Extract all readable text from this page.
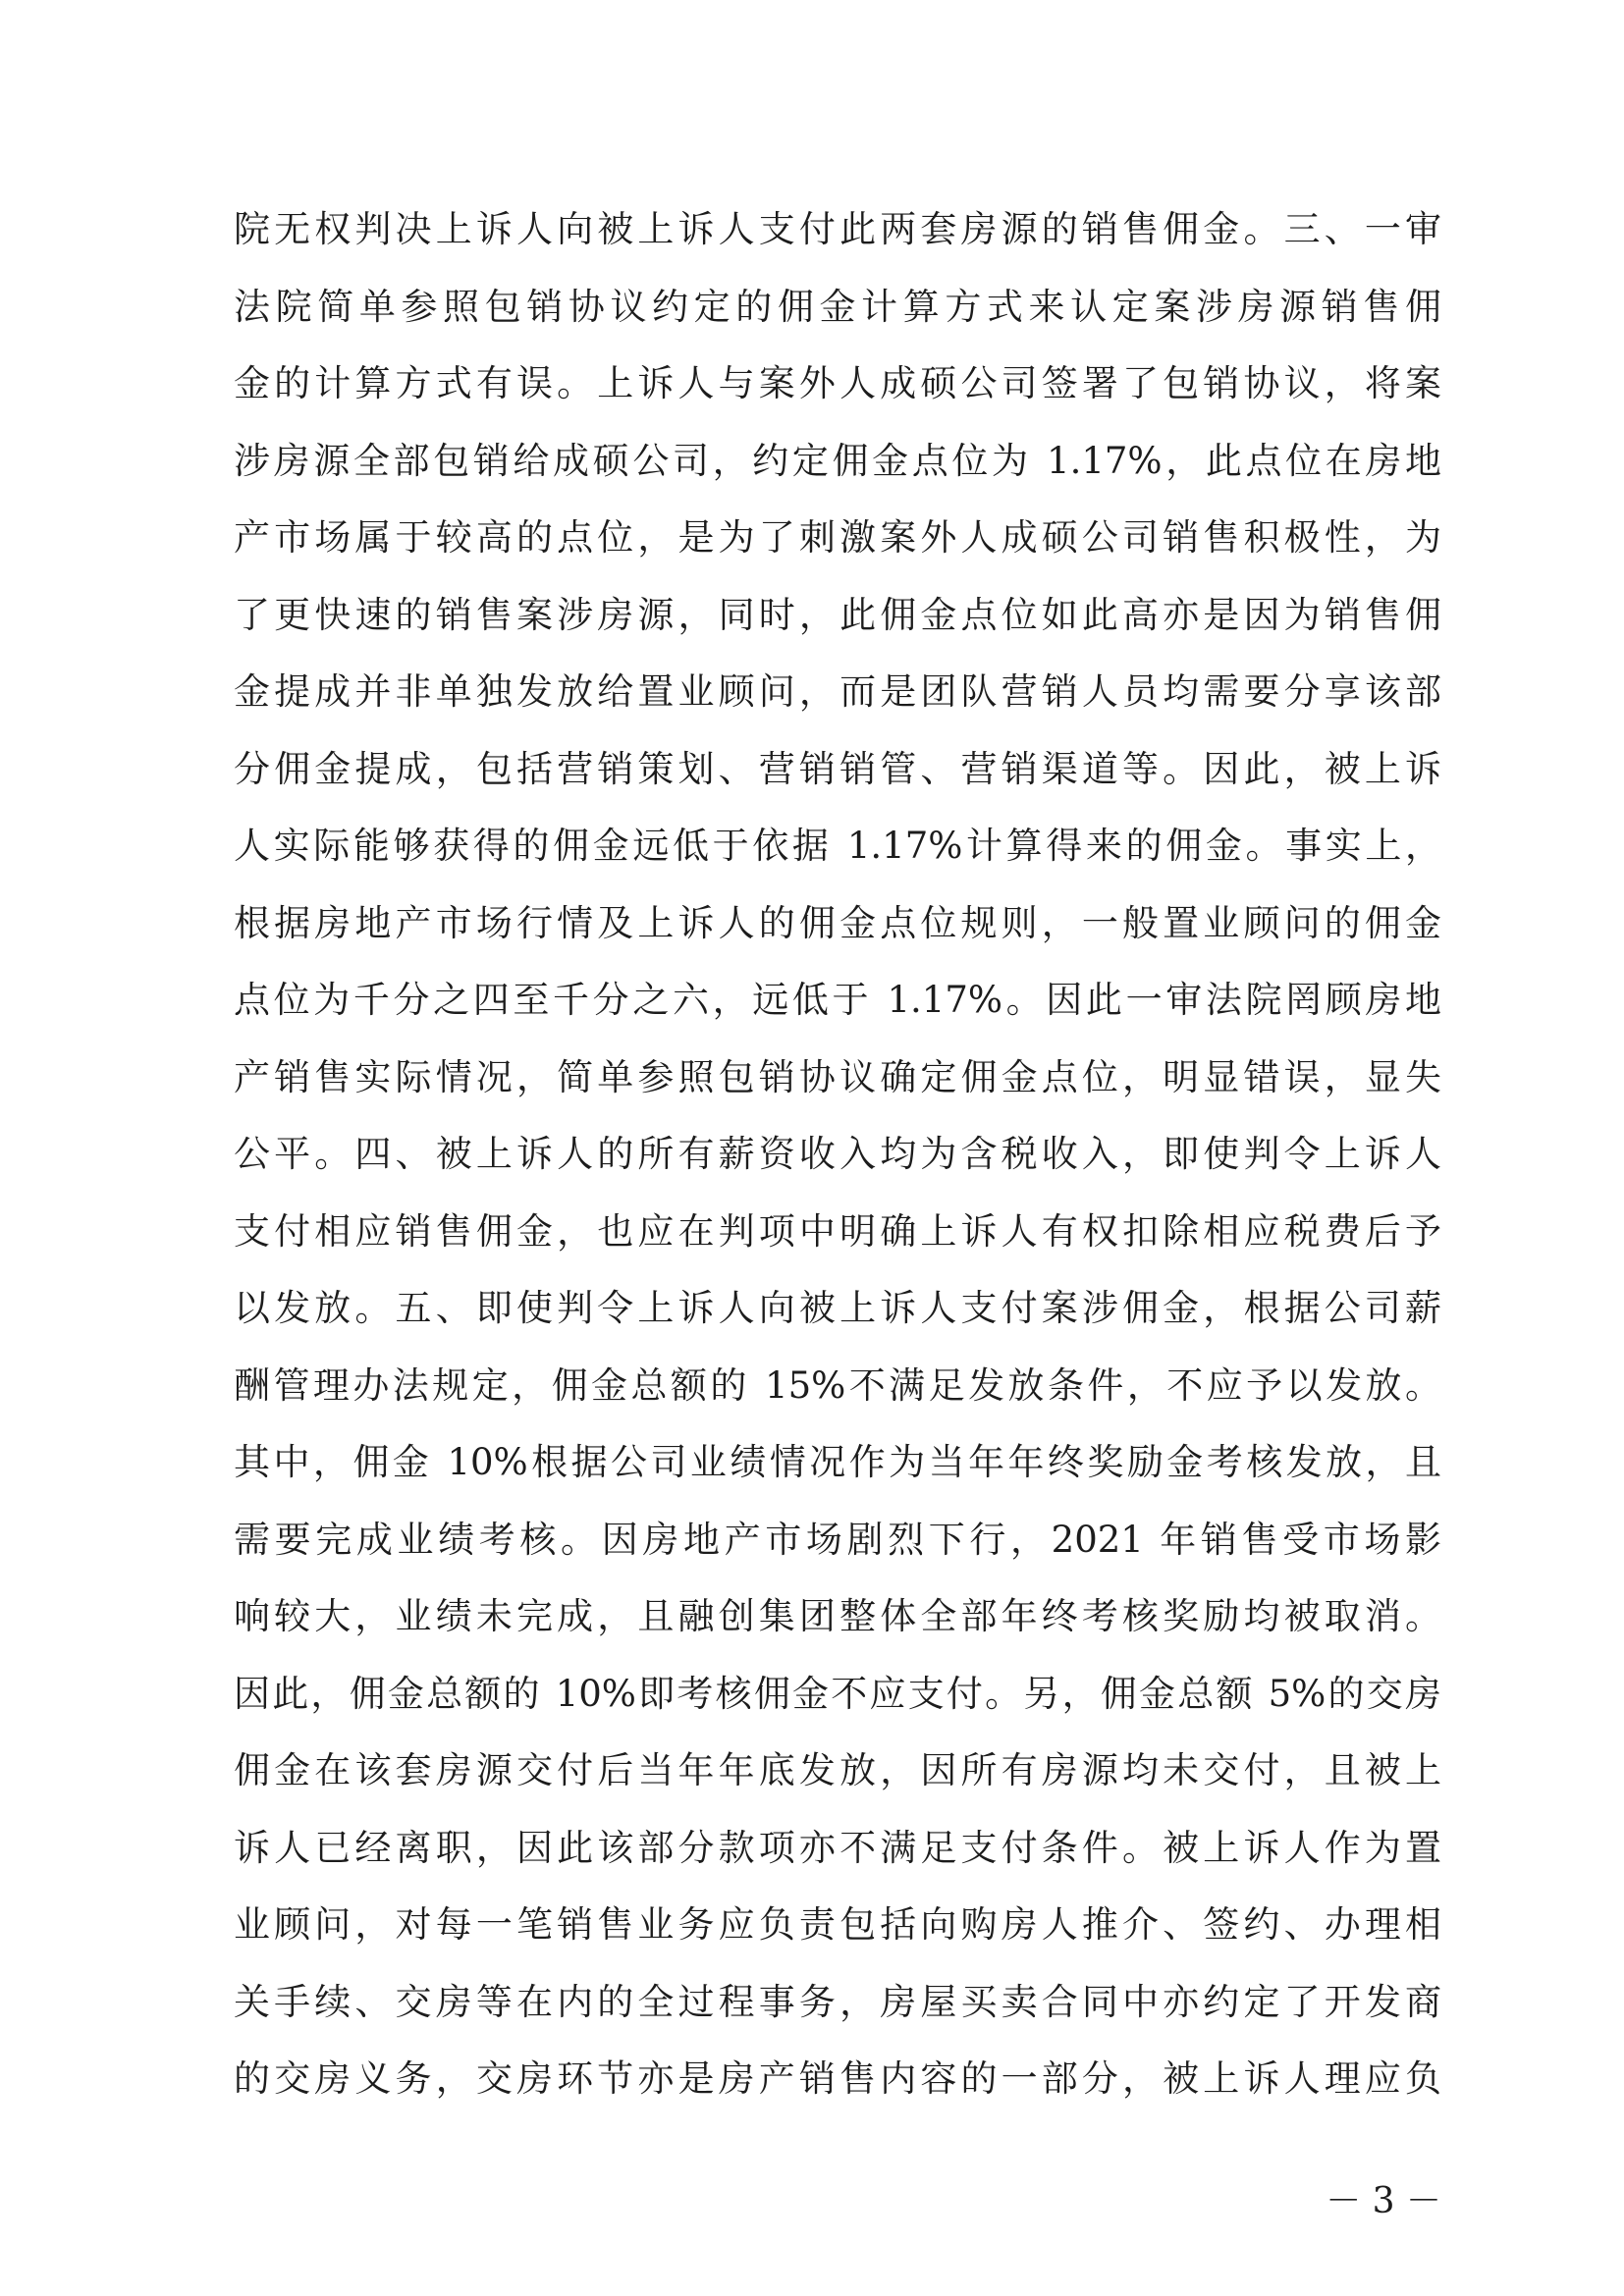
院无权判决上诉人向被上诉人支付此两套房源的销售佣金。三、一审
法院简单参照包销协议约定的佣金计算方式来认定案涉房源销售佣
金的计算方式有误。上诉人与案外人成硕公司签署了包销协议，将案
涉房源全部包销给成硕公司，约定佣金点位为 1.17%，此点位在房地
产市场属于较高的点位，是为了刺激案外人成硕公司销售积极性，为
了更快速的销售案涉房源，同时，此佣金点位如此高亦是因为销售佣
金提成并非单独发放给置业顾问，而是团队营销人员均需要分享该部
分佣金提成，包括营销策划、营销销管、营销渠道等。因此，被上诉
人实际能够获得的佣金远低于依据 1.17%计算得来的佣金。事实上，
根据房地产市场行情及上诉人的佣金点位规则，一般置业顾问的佣金
点位为千分之四至千分之六，远低于 1.17%。因此一审法院罔顾房地
产销售实际情况，简单参照包销协议确定佣金点位，明显错误，显失
公平。四、被上诉人的所有薪资收入均为含税收入，即使判令上诉人
支付相应销售佣金，也应在判项中明确上诉人有权扣除相应税费后予
以发放。五、即使判令上诉人向被上诉人支付案涉佣金，根据公司薪
酬管理办法规定，佣金总额的 15%不满足发放条件，不应予以发放。
其中，佣金 10%根据公司业绩情况作为当年年终奖励金考核发放，且
需要完成业绩考核。因房地产市场剧烈下行，2021 年销售受市场影
响较大，业绩未完成，且融创集团整体全部年终考核奖励均被取消。
因此，佣金总额的 10%即考核佣金不应支付。另，佣金总额 5%的交房
佣金在该套房源交付后当年年底发放，因所有房源均未交付，且被上
诉人已经离职，因此该部分款项亦不满足支付条件。被上诉人作为置
业顾问，对每一笔销售业务应负责包括向购房人推介、签约、办理相
关手续、交房等在内的全过程事务，房屋买卖合同中亦约定了开发商
的交房义务，交房环节亦是房产销售内容的一部分，被上诉人理应负
－ 3 －
